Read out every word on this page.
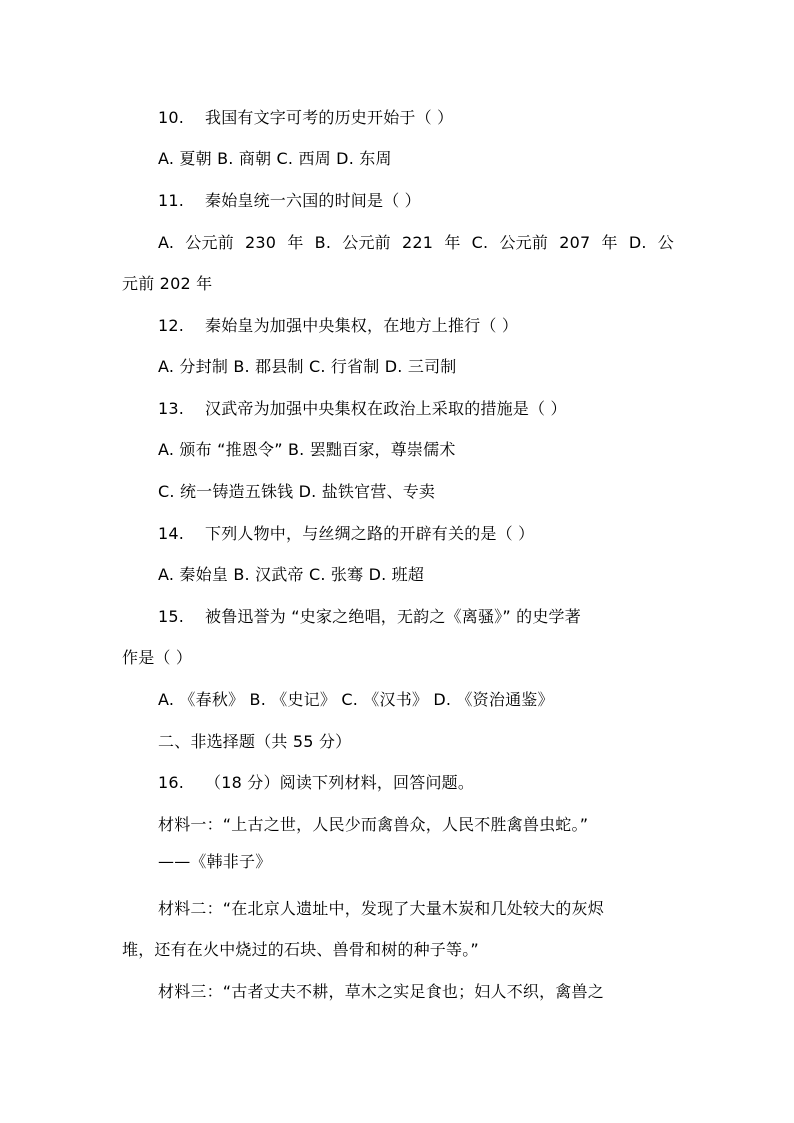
10. 我国有文字可考的历史开始于（ ）
A. 夏朝 B. 商朝 C. 西周 D. 东周
11. 秦始皇统一六国的时间是（ ）
A. 公元前 230 年 B. 公元前 221 年 C. 公元前 207 年 D. 公
元前 202 年
12. 秦始皇为加强中央集权，在地方上推行（ ）
A. 分封制 B. 郡县制 C. 行省制 D. 三司制
13. 汉武帝为加强中央集权在政治上采取的措施是（ ）
A. 颁布 “推恩令” B. 罢黜百家，尊崇儒术
C. 统一铸造五铢钱 D. 盐铁官营、专卖
14. 下列人物中，与丝绸之路的开辟有关的是（ ）
A. 秦始皇 B. 汉武帝 C. 张骞 D. 班超
15. 被鲁迅誉为 “史家之绝唱，无韵之《离骚》” 的史学著
作是（ ）
A. 《春秋》 B. 《史记》 C. 《汉书》 D. 《资治通鉴》
二、非选择题（共 55 分）
16. （18 分）阅读下列材料，回答问题。
材料一：“上古之世，人民少而禽兽众，人民不胜禽兽虫蛇。”
——《韩非子》
材料二：“在北京人遗址中，发现了大量木炭和几处较大的灰烬
堆，还有在火中烧过的石块、兽骨和树的种子等。”
材料三：“古者丈夫不耕，草木之实足食也；妇人不织，禽兽之
